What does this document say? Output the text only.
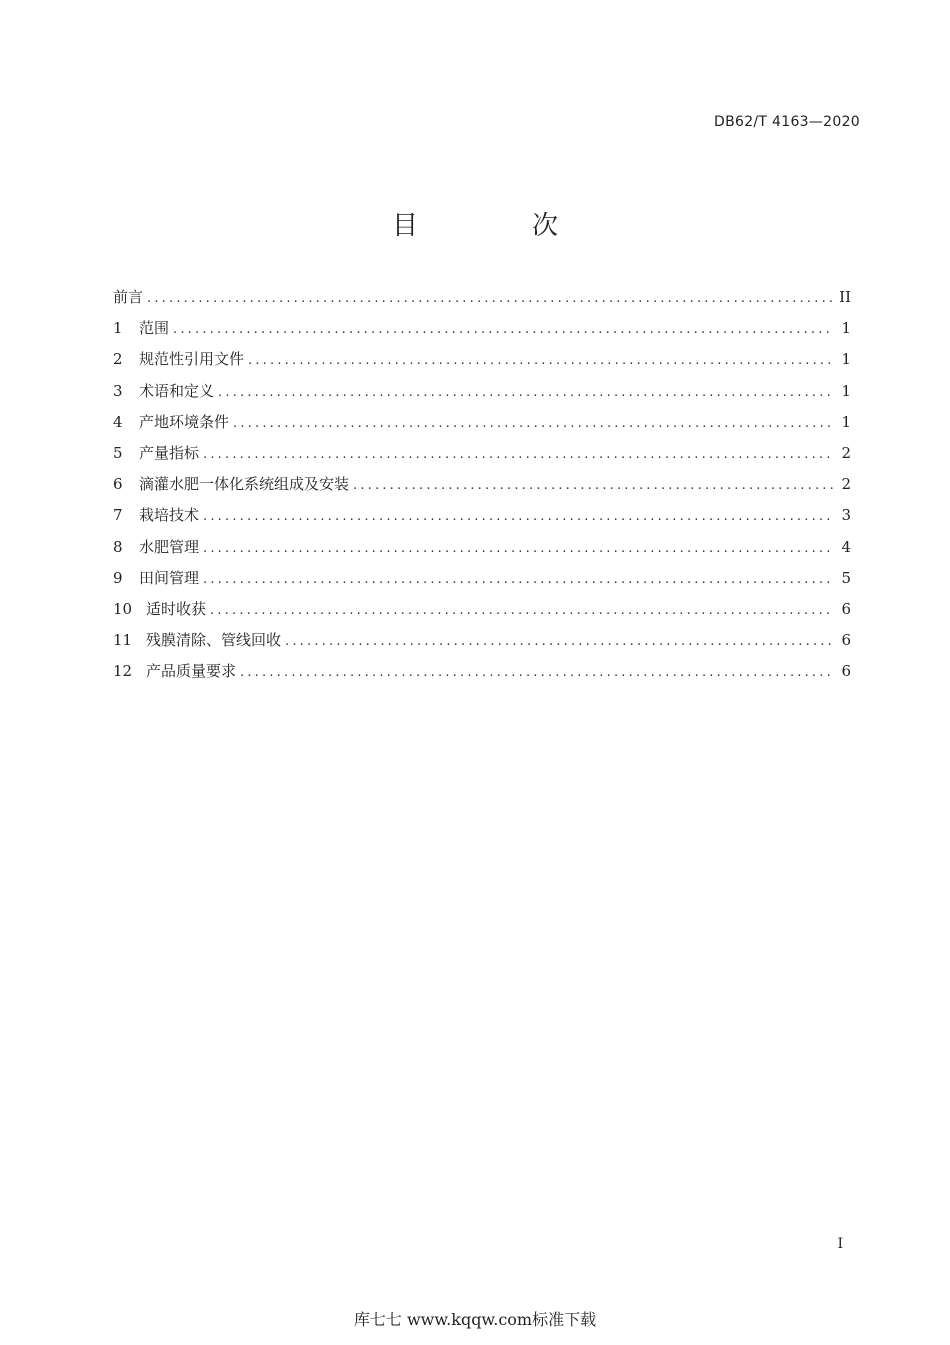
DB62/T 4163—2020
目　次
前言 .....	II
1	范围 .....	1
2	规范性引用文件 .....	1
3	术语和定义 .....	1
4	产地环境条件 .....	1
5	产量指标 .....	2
6	滴灌水肥一体化系统组成及安装 .....	2
7	栽培技术 .....	3
8	水肥管理 .....	4
9	田间管理 .....	5
10 适时收获 .....	6
11 残膜清除、管线回收 .....	6
12 产品质量要求 .....	6
I
库七七 www.kqqw.com标准下载
